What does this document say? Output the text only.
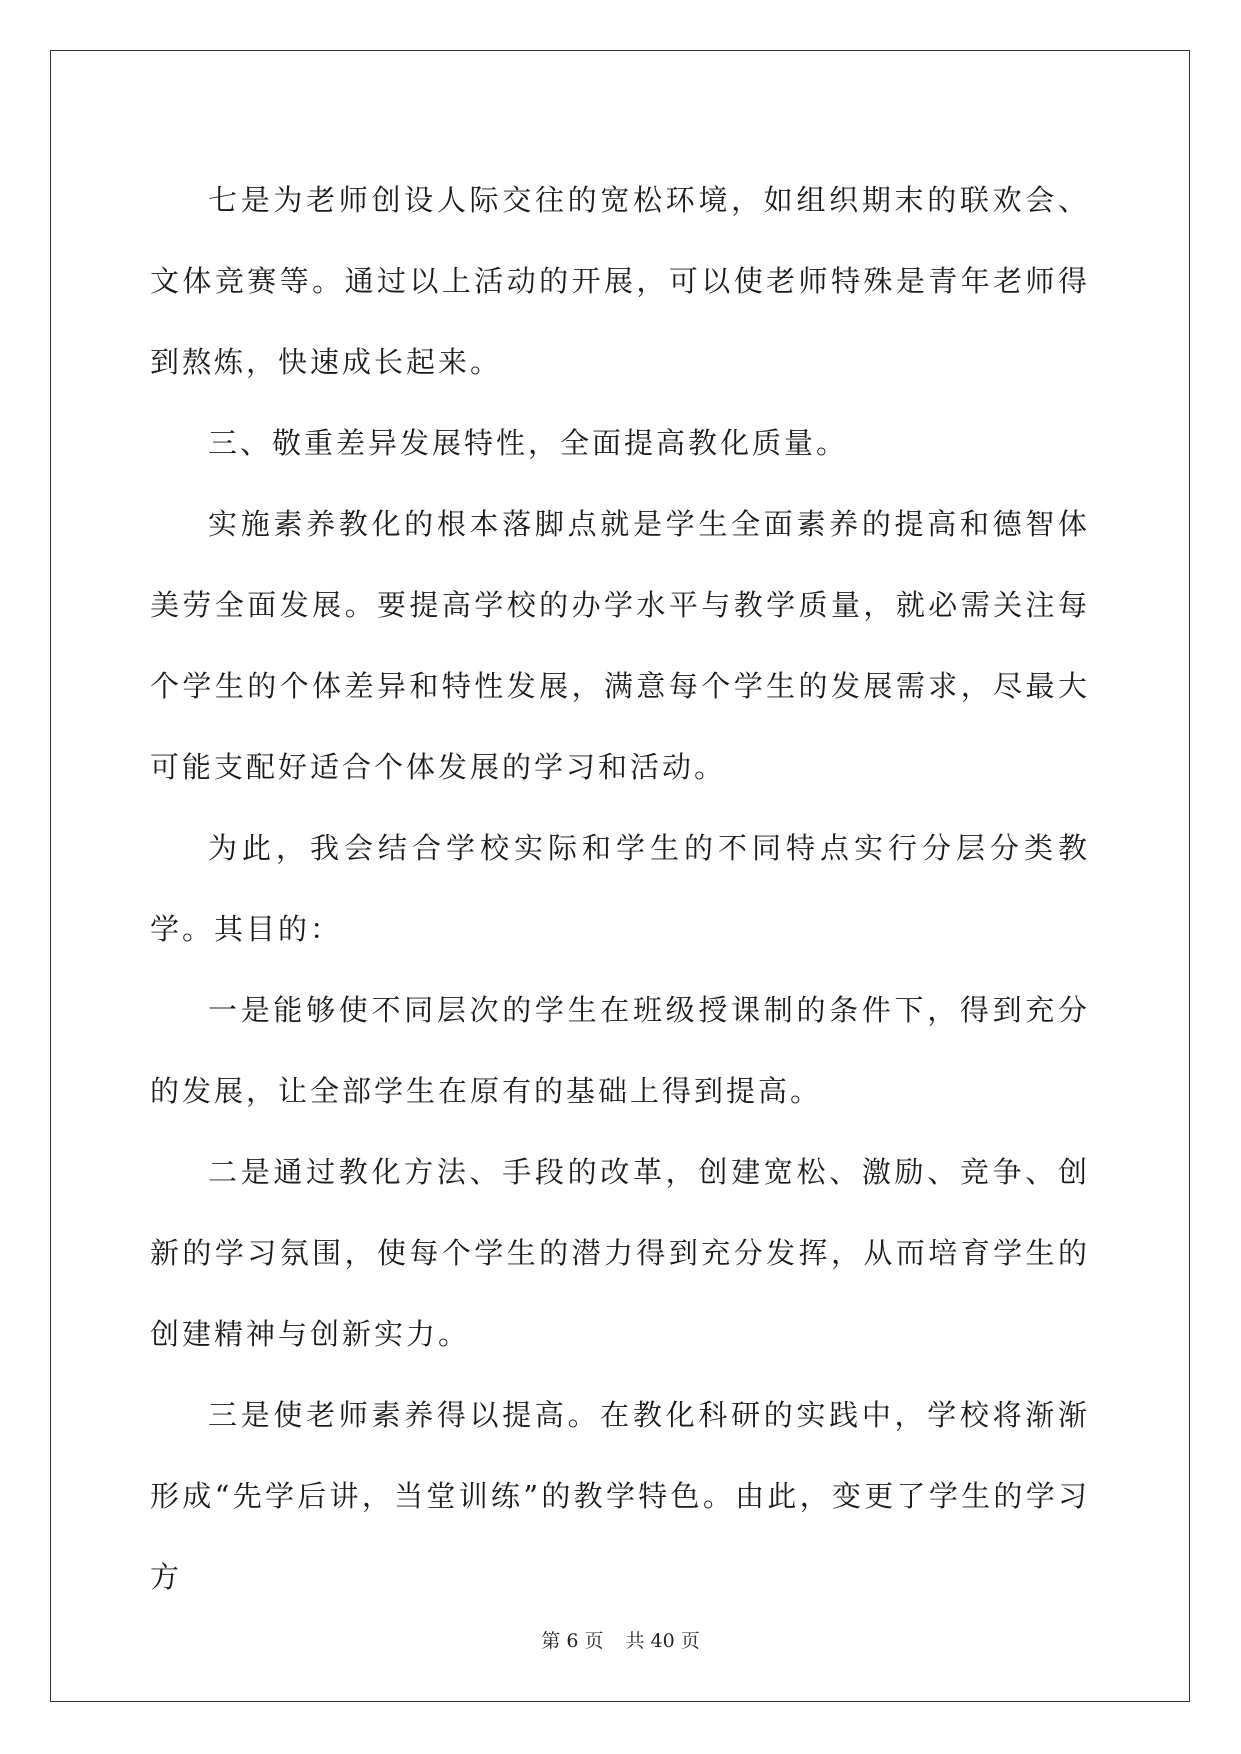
七是为老师创设人际交往的宽松环境，如组织期末的联欢会、文体竞赛等。通过以上活动的开展，可以使老师特殊是青年老师得到熬炼，快速成长起来。

三、敬重差异发展特性，全面提高教化质量。

实施素养教化的根本落脚点就是学生全面素养的提高和德智体美劳全面发展。要提高学校的办学水平与教学质量，就必需关注每个学生的个体差异和特性发展，满意每个学生的发展需求，尽最大可能支配好适合个体发展的学习和活动。

为此，我会结合学校实际和学生的不同特点实行分层分类教学。其目的：

一是能够使不同层次的学生在班级授课制的条件下，得到充分的发展，让全部学生在原有的基础上得到提高。

二是通过教化方法、手段的改革，创建宽松、激励、竞争、创新的学习氛围，使每个学生的潜力得到充分发挥，从而培育学生的创建精神与创新实力。

三是使老师素养得以提高。在教化科研的实践中，学校将渐渐形成“先学后讲，当堂训练”的教学特色。由此，变更了学生的学习方

第 6 页 共 40 页
